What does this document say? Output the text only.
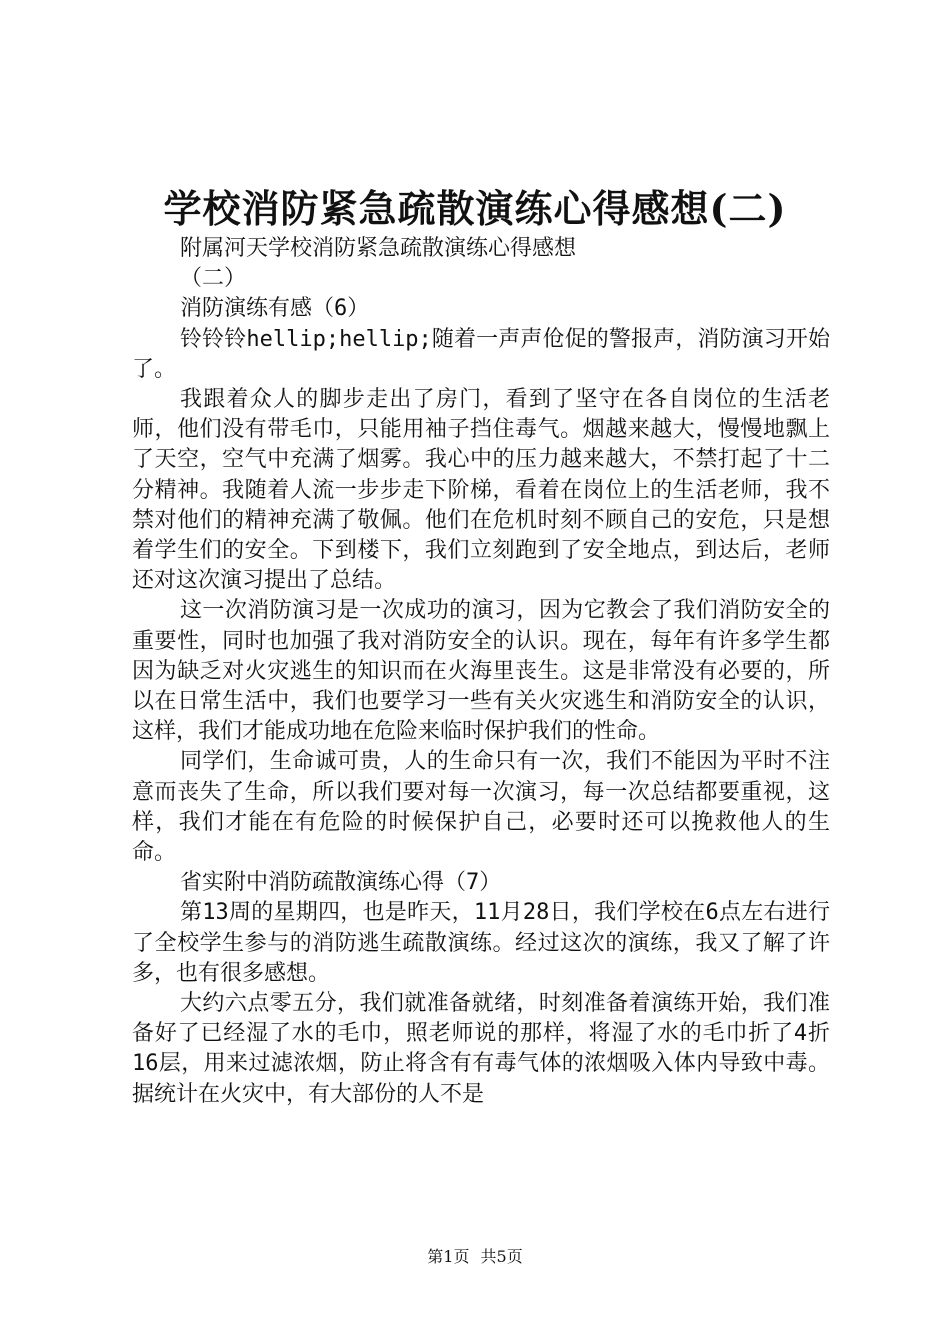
学校消防紧急疏散演练心得感想(二)

附属河天学校消防紧急疏散演练心得感想

（二）

消防演练有感（6）

铃铃铃hellip;hellip;随着一声声伧促的警报声，消防演习开始了。

我跟着众人的脚步走出了房门，看到了坚守在各自岗位的生活老师，他们没有带毛巾，只能用袖子挡住毒气。烟越来越大，慢慢地飘上了天空，空气中充满了烟雾。我心中的压力越来越大，不禁打起了十二分精神。我随着人流一步步走下阶梯，看着在岗位上的生活老师，我不禁对他们的精神充满了敬佩。他们在危机时刻不顾自己的安危，只是想着学生们的安全。下到楼下，我们立刻跑到了安全地点，到达后，老师还对这次演习提出了总结。

这一次消防演习是一次成功的演习，因为它教会了我们消防安全的重要性，同时也加强了我对消防安全的认识。现在，每年有许多学生都因为缺乏对火灾逃生的知识而在火海里丧生。这是非常没有必要的，所以在日常生活中，我们也要学习一些有关火灾逃生和消防安全的认识，这样，我们才能成功地在危险来临时保护我们的性命。

同学们，生命诚可贵，人的生命只有一次，我们不能因为平时不注意而丧失了生命，所以我们要对每一次演习，每一次总结都要重视，这样，我们才能在有危险的时候保护自己，必要时还可以挽救他人的生命。

省实附中消防疏散演练心得（7）

第13周的星期四，也是昨天，11月28日，我们学校在6点左右进行了全校学生参与的消防逃生疏散演练。经过这次的演练，我又了解了许多，也有很多感想。

大约六点零五分，我们就准备就绪，时刻准备着演练开始，我们准备好了已经湿了水的毛巾，照老师说的那样，将湿了水的毛巾折了4折16层，用来过滤浓烟，防止将含有有毒气体的浓烟吸入体内导致中毒。据统计在火灾中，有大部份的人不是

第1页 共5页
